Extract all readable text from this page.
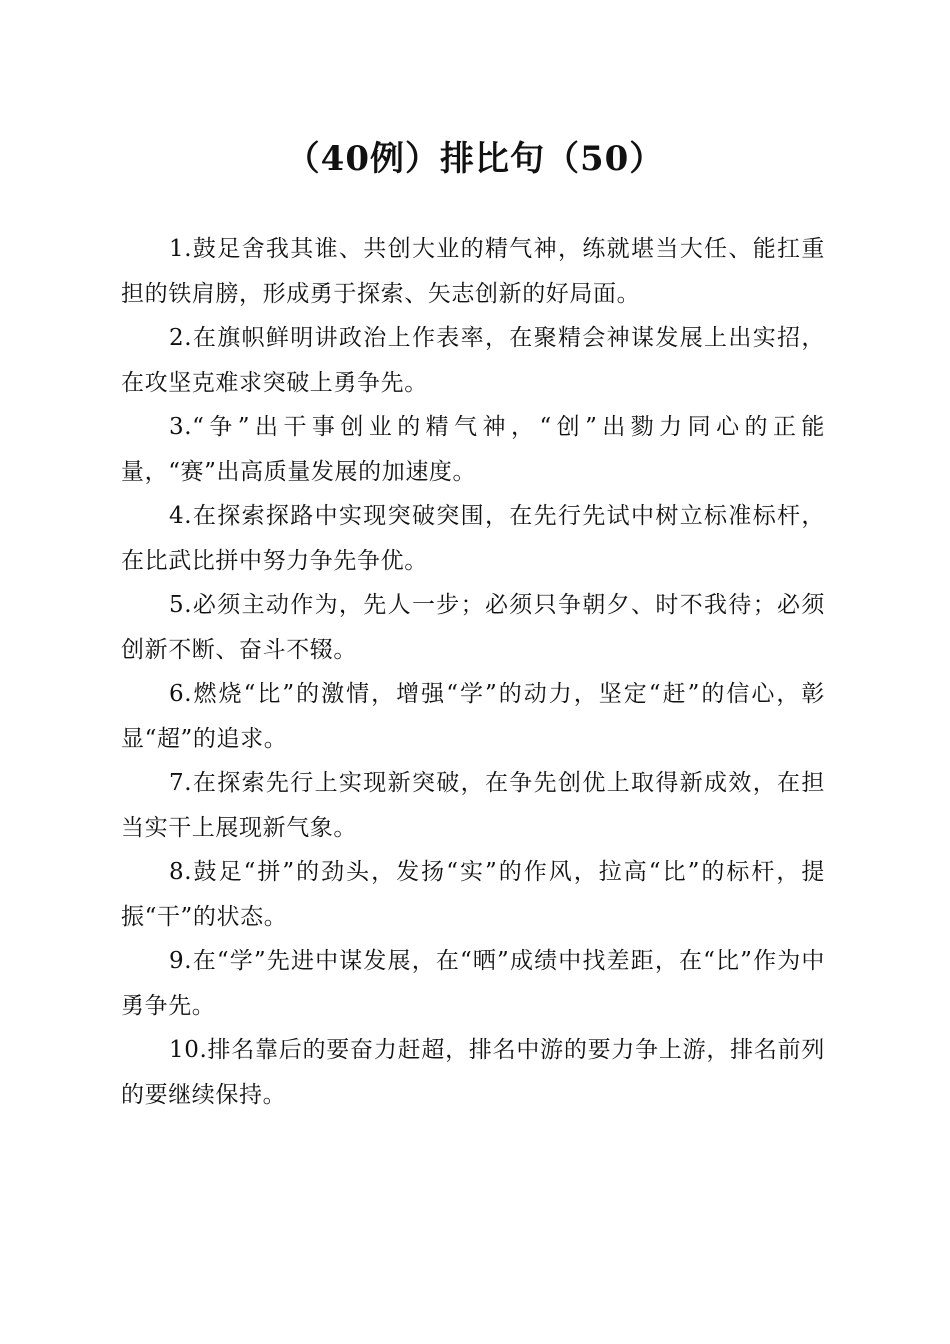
（40例）排比句（50）

1.鼓足舍我其谁、共创大业的精气神，练就堪当大任、能扛重担的铁肩膀，形成勇于探索、矢志创新的好局面。

2.在旗帜鲜明讲政治上作表率，在聚精会神谋发展上出实招，在攻坚克难求突破上勇争先。

3.“争”出干事创业的精气神，“创”出勠力同心的正能量，“赛”出高质量发展的加速度。

4.在探索探路中实现突破突围，在先行先试中树立标准标杆，在比武比拼中努力争先争优。

5.必须主动作为，先人一步；必须只争朝夕、时不我待；必须创新不断、奋斗不辍。

6.燃烧“比”的激情，增强“学”的动力，坚定“赶”的信心，彰显“超”的追求。

7.在探索先行上实现新突破，在争先创优上取得新成效，在担当实干上展现新气象。

8.鼓足“拼”的劲头，发扬“实”的作风，拉高“比”的标杆，提振“干”的状态。

9.在“学”先进中谋发展，在“晒”成绩中找差距，在“比”作为中勇争先。

10.排名靠后的要奋力赶超，排名中游的要力争上游，排名前列的要继续保持。
